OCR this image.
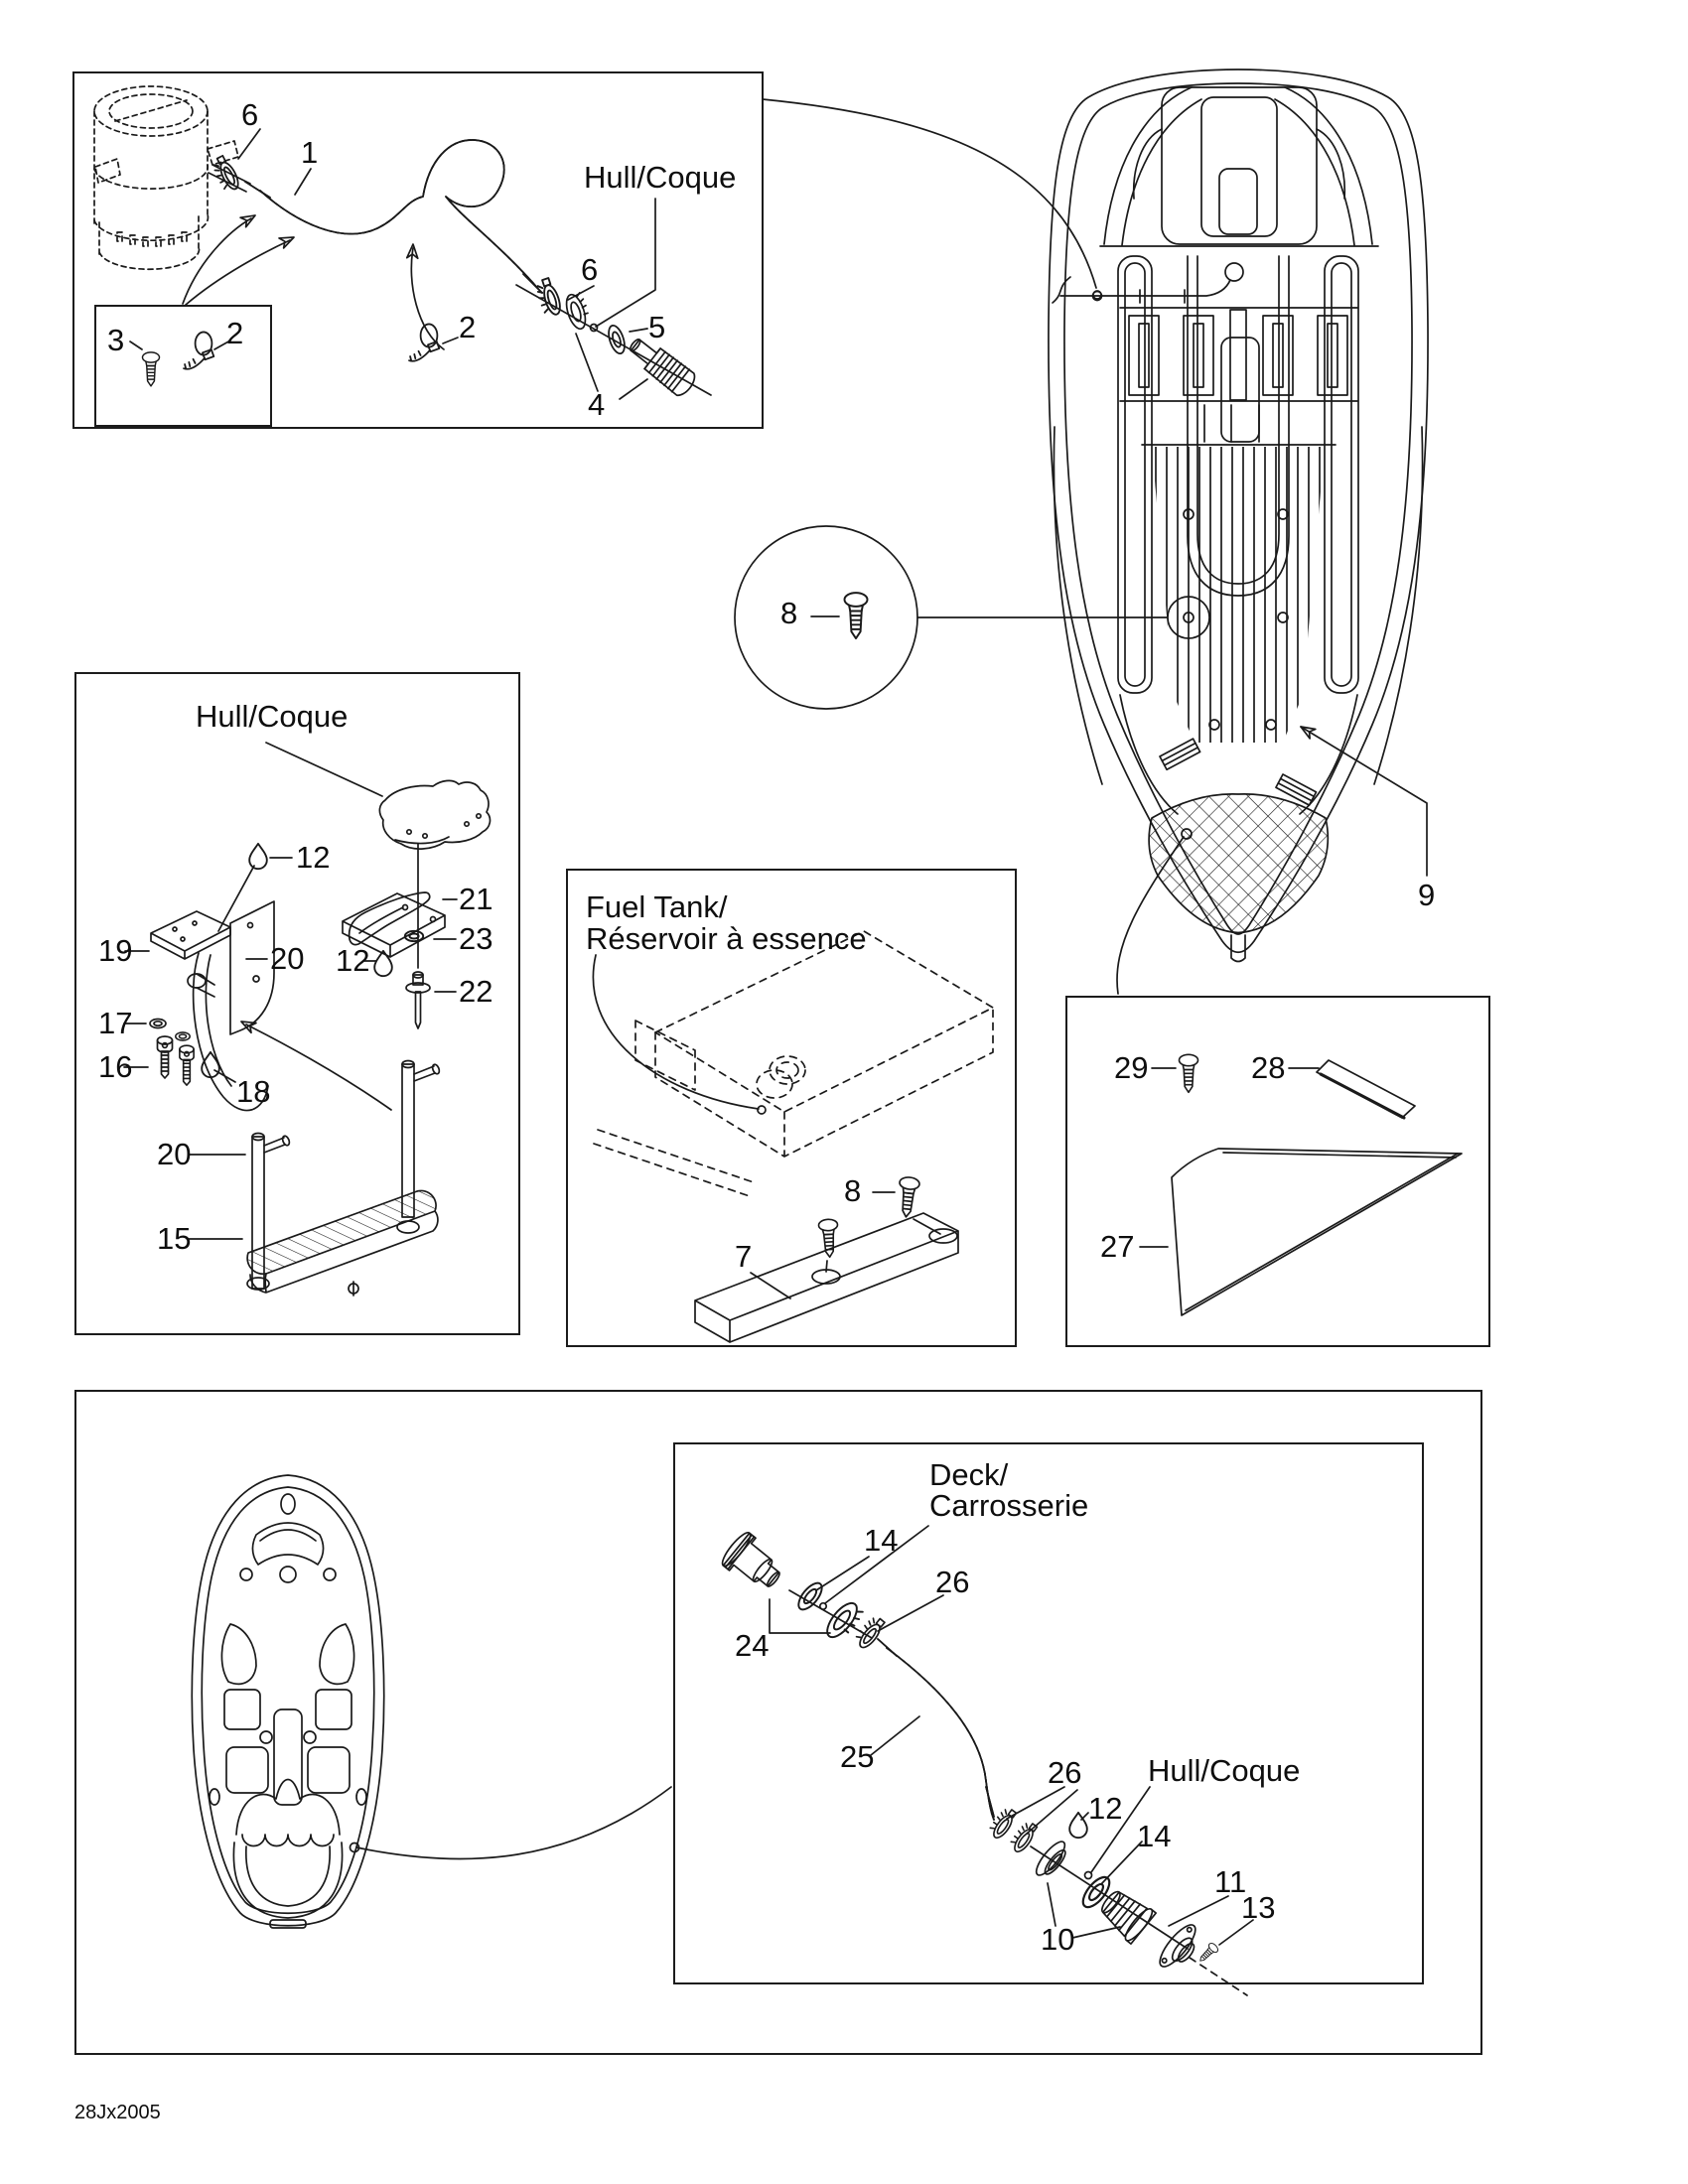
6
1
Hull/Coque
6
5
4
3	2	2
8
9
Hull/Coque
12
21
23
12
22
19	20
17
16
18
20
15
Fuel Tank/
Réservoir à essence
8
7
29	28
27
Deck/
Carrosserie
14
26
24
25	26
12
Hull/Coque
14
10
11
13
28Jx2005
